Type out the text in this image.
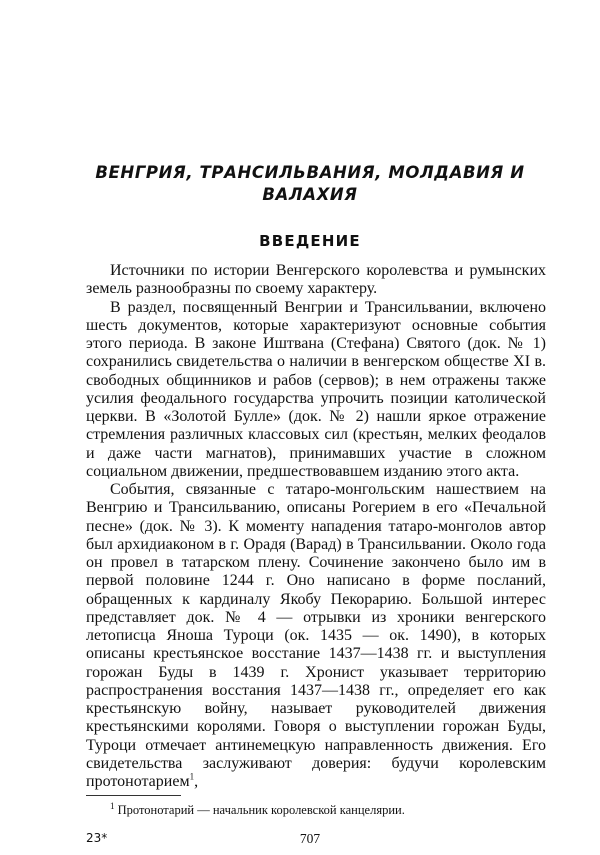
ВЕНГРИЯ, ТРАНСИЛЬВАНИЯ, МОЛДАВИЯ И
ВАЛАХИЯ
ВВЕДЕНИЕ

Источники по истории Венгерского королевства и румынских земель разнообразны по своему характеру.

В раздел, посвященный Венгрии и Трансильвании, включено шесть документов, которые характеризуют основные события этого периода. В законе Иштвана (Стефана) Святого (док. № 1) сохранились свидетельства о наличии в венгерском обществе XI в. свободных общинников и рабов (сервов); в нем отражены также усилия феодального государства упрочить позиции католической церкви. В «Золотой Булле» (док. № 2) нашли яркое отражение стремления различных классовых сил (крестьян, мелких феодалов и даже части магнатов), принимавших участие в сложном социальном движении, предшествовавшем изданию этого акта.

События, связанные с татаро-монгольским нашествием на Венгрию и Трансильванию, описаны Рогерием в его «Печальной песне» (док. № 3). К моменту нападения татаро-монголов автор был архидиаконом в г. Орадя (Варад) в Трансильвании. Около года он провел в татарском плену. Сочинение закончено было им в первой половине 1244 г. Оно написано в форме посланий, обращенных к кардиналу Якобу Пекорарию. Большой интерес представляет док. № 4 — отрывки из хроники венгерского летописца Яноша Туроци (ок. 1435 — ок. 1490), в которых описаны крестьянское восстание 1437—1438 гг. и выступления горожан Буды в 1439 г. Хронист указывает территорию распространения восстания 1437—1438 гг., определяет его как крестьянскую войну, называет руководителей движения крестьянскими королями. Говоря о выступлении горожан Буды, Туроци отмечает антинемецкую направленность движения. Его свидетельства заслуживают доверия: будучи королевским протонотарием$^1$,

$^1$ Протонотарий — начальник королевской канцелярии.
23*	707
